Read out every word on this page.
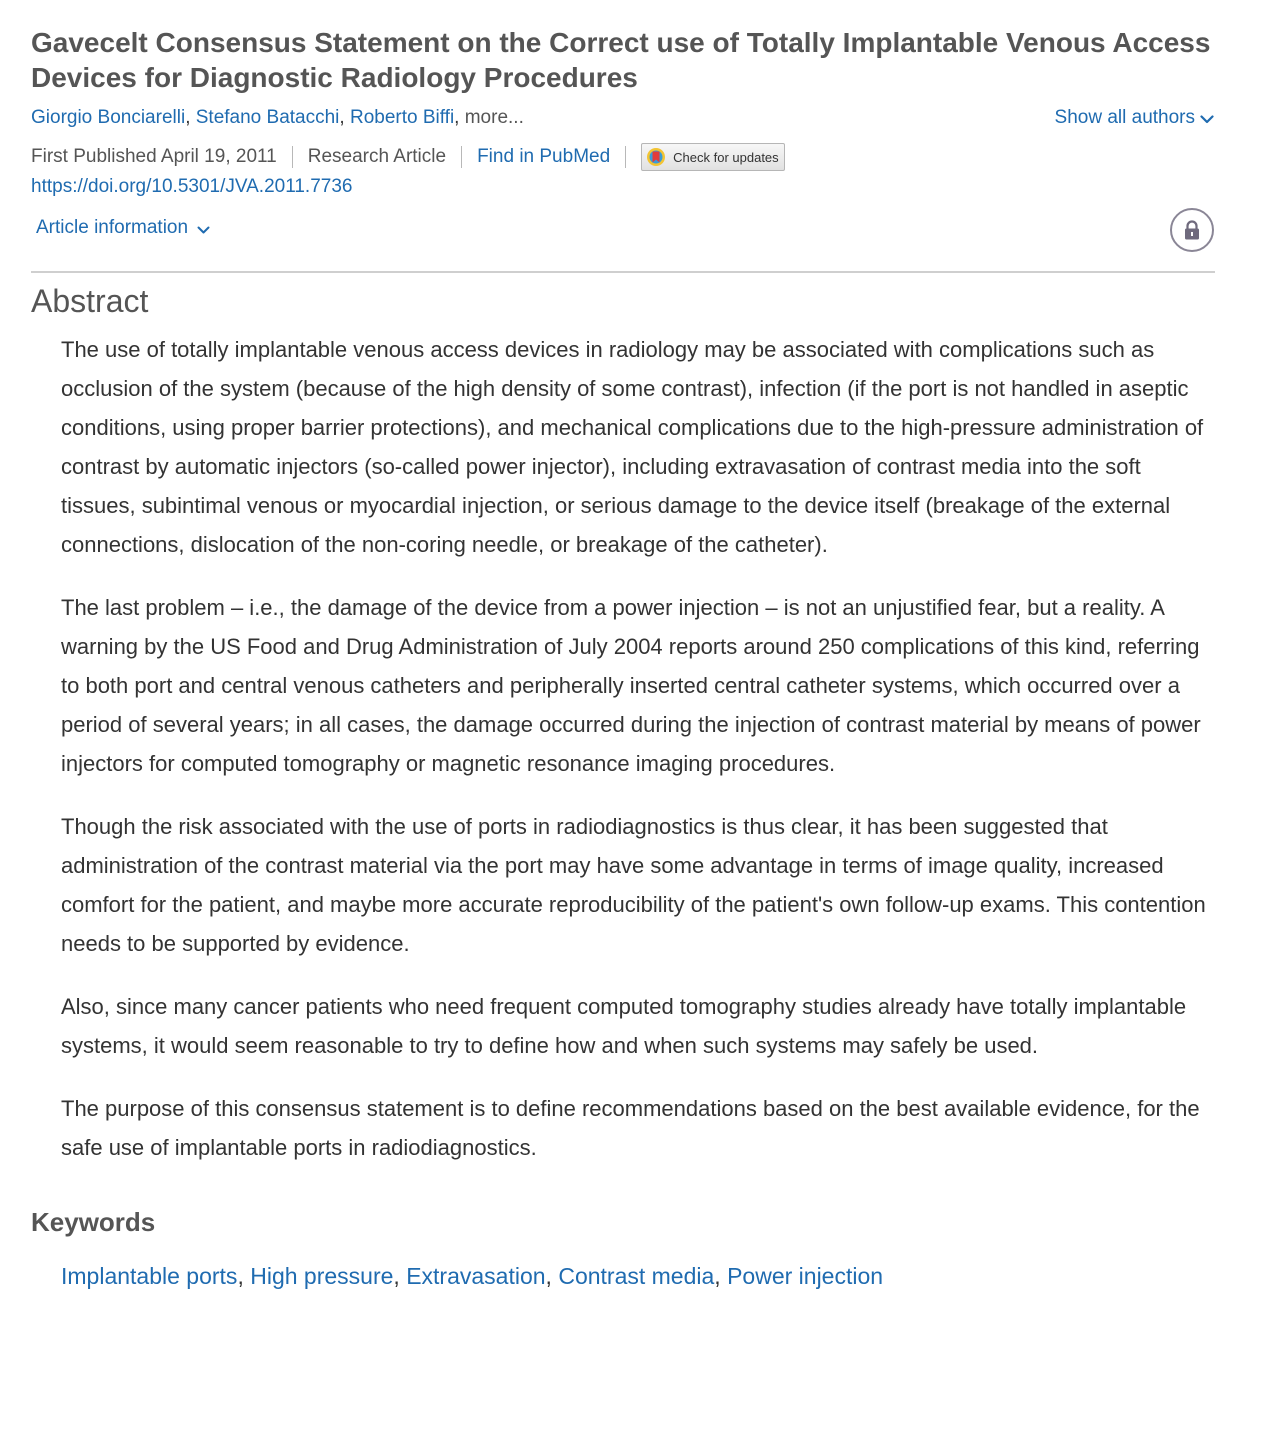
Gavecelt Consensus Statement on the Correct use of Totally Implantable Venous Access Devices for Diagnostic Radiology Procedures
Giorgio Bonciarelli, Stefano Batacchi, Roberto Biffi, more...	Show all authors
First Published April 19, 2011 Research Article Find in PubMed	Check for updates
https://doi.org/10.5301/JVA.2011.7736
Article information
Abstract

The use of totally implantable venous access devices in radiology may be associated with complications such as occlusion of the system (because of the high density of some contrast), infection (if the port is not handled in aseptic conditions, using proper barrier protections), and mechanical complications due to the high-pressure administration of contrast by automatic injectors (so-called power injector), including extravasation of contrast media into the soft tissues, subintimal venous or myocardial injection, or serious damage to the device itself (breakage of the external connections, dislocation of the non-coring needle, or breakage of the catheter).

The last problem – i.e., the damage of the device from a power injection – is not an unjustified fear, but a reality. A warning by the US Food and Drug Administration of July 2004 reports around 250 complications of this kind, referring to both port and central venous catheters and peripherally inserted central catheter systems, which occurred over a period of several years; in all cases, the damage occurred during the injection of contrast material by means of power injectors for computed tomography or magnetic resonance imaging procedures.

Though the risk associated with the use of ports in radiodiagnostics is thus clear, it has been suggested that administration of the contrast material via the port may have some advantage in terms of image quality, increased comfort for the patient, and maybe more accurate reproducibility of the patient's own follow-up exams. This contention needs to be supported by evidence.

Also, since many cancer patients who need frequent computed tomography studies already have totally implantable systems, it would seem reasonable to try to define how and when such systems may safely be used.

The purpose of this consensus statement is to define recommendations based on the best available evidence, for the safe use of implantable ports in radiodiagnostics.

Keywords
Implantable ports, High pressure, Extravasation, Contrast media, Power injection
